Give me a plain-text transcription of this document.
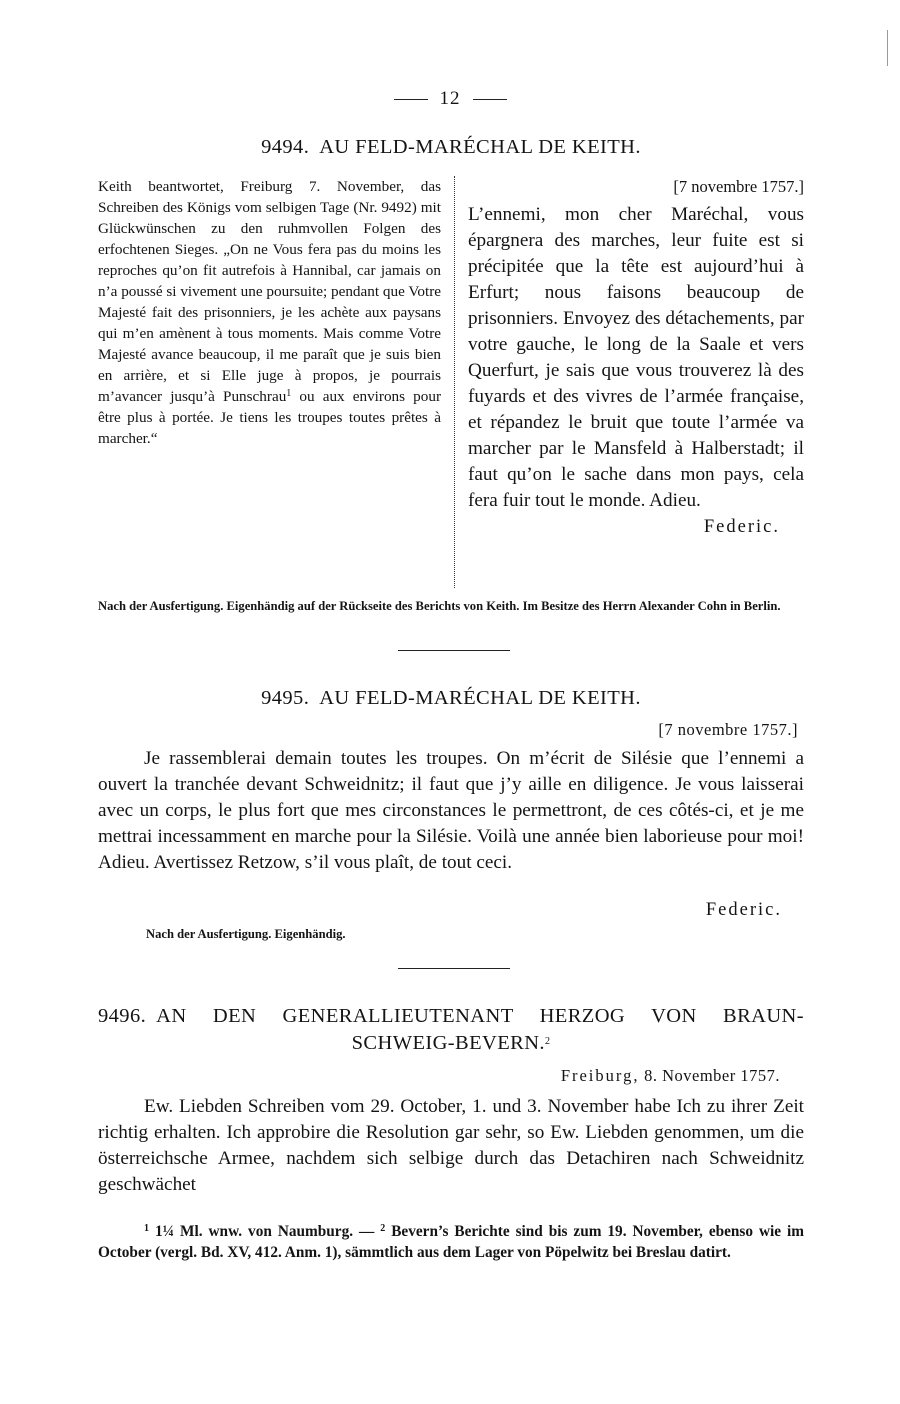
12
9494. AU FELD-MARÉCHAL DE KEITH.
Keith beantwortet, Freiburg 7. November, das Schreiben des Königs vom selbigen Tage (Nr. 9492) mit Glückwünschen zu den ruhmvollen Folgen des erfochtenen Sieges. „On ne Vous fera pas du moins les reproches qu’on fit autrefois à Hannibal, car jamais on n’a poussé si vivement une poursuite; pendant que Votre Majesté fait des prisonniers, je les achète aux paysans qui m’en amènent à tous moments. Mais comme Votre Majesté avance beaucoup, il me paraît que je suis bien en arrière, et si Elle juge à propos, je pourrais m’avancer jusqu’à Punschrau$^1$ ou aux environs pour être plus à portée. Je tiens les troupes toutes prêtes à marcher.“
[7 novembre 1757.]
L’ennemi, mon cher Maréchal, vous épargnera des marches, leur fuite est si précipitée que la tête est aujourd’hui à Erfurt; nous faisons beaucoup de prisonniers. Envoyez des détachements, par votre gauche, le long de la Saale et vers Querfurt, je sais que vous trouverez là des fuyards et des vivres de l’armée française, et répandez le bruit que toute l’armée va marcher par le Mansfeld à Halberstadt; il faut qu’on le sache dans mon pays, cela fera fuir tout le monde. Adieu.
Federic.
Nach der Ausfertigung. Eigenhändig auf der Rückseite des Berichts von Keith. Im Besitze des Herrn Alexander Cohn in Berlin.
9495. AU FELD-MARÉCHAL DE KEITH.
[7 novembre 1757.]

Je rassemblerai demain toutes les troupes. On m’écrit de Silésie que l’ennemi a ouvert la tranchée devant Schweidnitz; il faut que j’y aille en diligence. Je vous laisserai avec un corps, le plus fort que mes circonstances le permettront, de ces côtés-ci, et je me mettrai incessamment en marche pour la Silésie. Voilà une année bien laborieuse pour moi! Adieu. Avertissez Retzow, s’il vous plaît, de tout ceci.

Federic.
Nach der Ausfertigung. Eigenhändig.
9496. AN DEN GENERALLIEUTENANT HERZOG VON BRAUN-
SCHWEIG-BEVERN.$^2$
Freiburg, 8. November 1757.

Ew. Liebden Schreiben vom 29. October, 1. und 3. November habe Ich zu ihrer Zeit richtig erhalten. Ich approbire die Resolution gar sehr, so Ew. Liebden genommen, um die österreichsche Armee, nachdem sich selbige durch das Detachiren nach Schweidnitz geschwächet

$^1$ 1¼ Ml. wnw. von Naumburg. — $^2$ Bevern’s Berichte sind bis zum 19. November, ebenso wie im October (vergl. Bd. XV, 412. Anm. 1), sämmtlich aus dem Lager von Pöpelwitz bei Breslau datirt.
